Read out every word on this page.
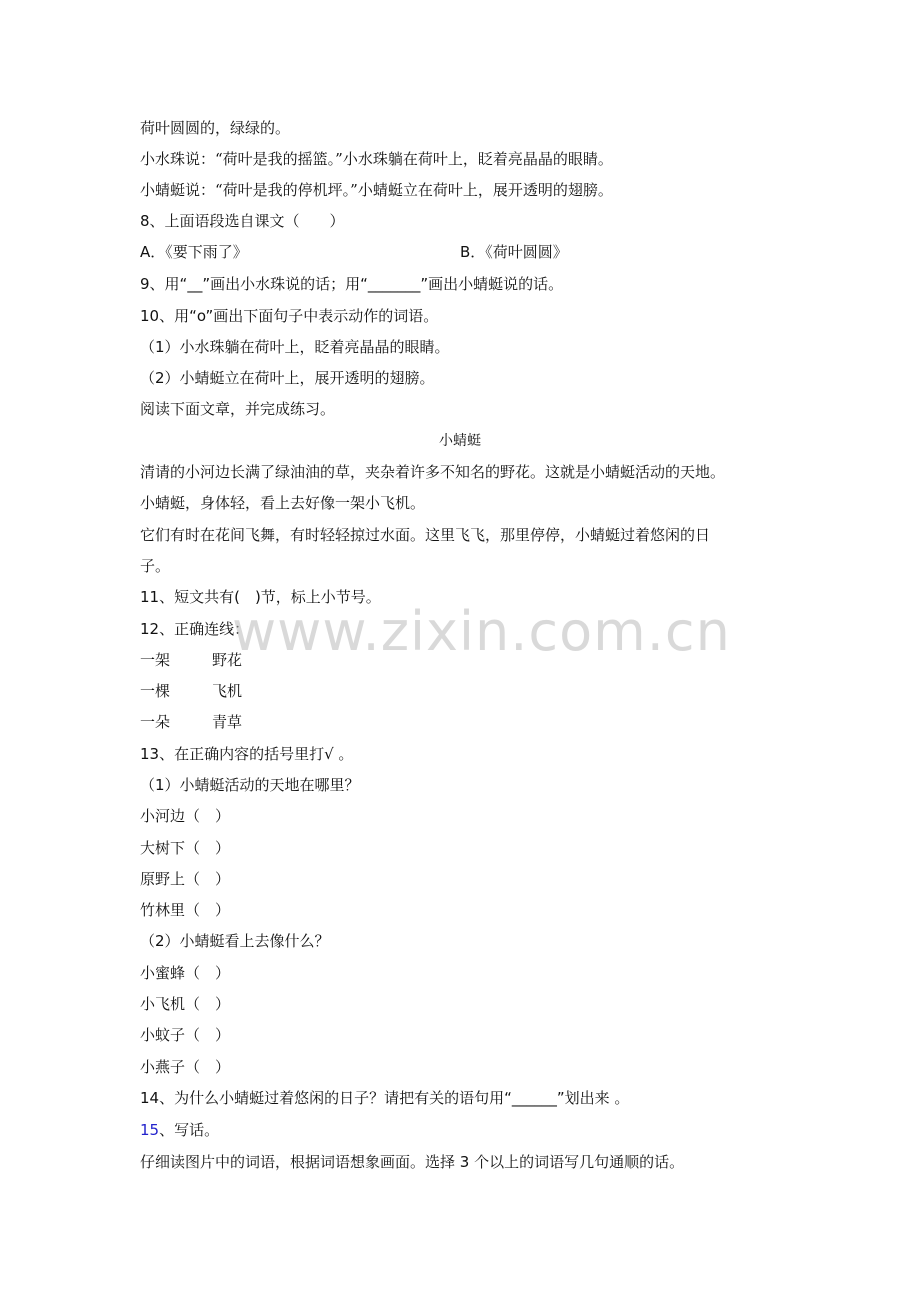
荷叶圆圆的，绿绿的。
小水珠说：“荷叶是我的摇篮。”小水珠躺在荷叶上，眨着亮晶晶的眼睛。
小蜻蜓说：“荷叶是我的停机坪。”小蜻蜓立在荷叶上，展开透明的翅膀。
8、上面语段选自课文（　　）
A．《要下雨了》	B．《荷叶圆圆》
9、用“__”画出小水珠说的话；用“_______”画出小蜻蜓说的话。
10、用“o”画出下面句子中表示动作的词语。
（1）小水珠躺在荷叶上，眨着亮晶晶的眼睛。
（2）小蜻蜓立在荷叶上，展开透明的翅膀。
阅读下面文章，并完成练习。
小蜻蜓
清请的小河边长满了绿油油的草，夹杂着许多不知名的野花。这就是小蜻蜓活动的天地。
小蜻蜓，身体轻，看上去好像一架小飞机。
它们有时在花间飞舞，有时轻轻掠过水面。这里飞飞，那里停停，小蜻蜓过着悠闲的日
子。
11、短文共有(　)节，标上小节号。
12、正确连线：
一架	野花
一棵	飞机
一朵	青草
13、在正确内容的括号里打√ 。
（1）小蜻蜓活动的天地在哪里？
小河边（　）
大树下（　）
原野上（　）
竹林里（　）
（2）小蜻蜓看上去像什么？
小蜜蜂（　）
小飞机（　）
小蚊子（　）
小燕子（　）
14、为什么小蜻蜓过着悠闲的日子？请把有关的语句用“______”划出来 。
15、写话。
仔细读图片中的词语，根据词语想象画面。选择 3 个以上的词语写几句通顺的话。
www.zixin.com.cn
